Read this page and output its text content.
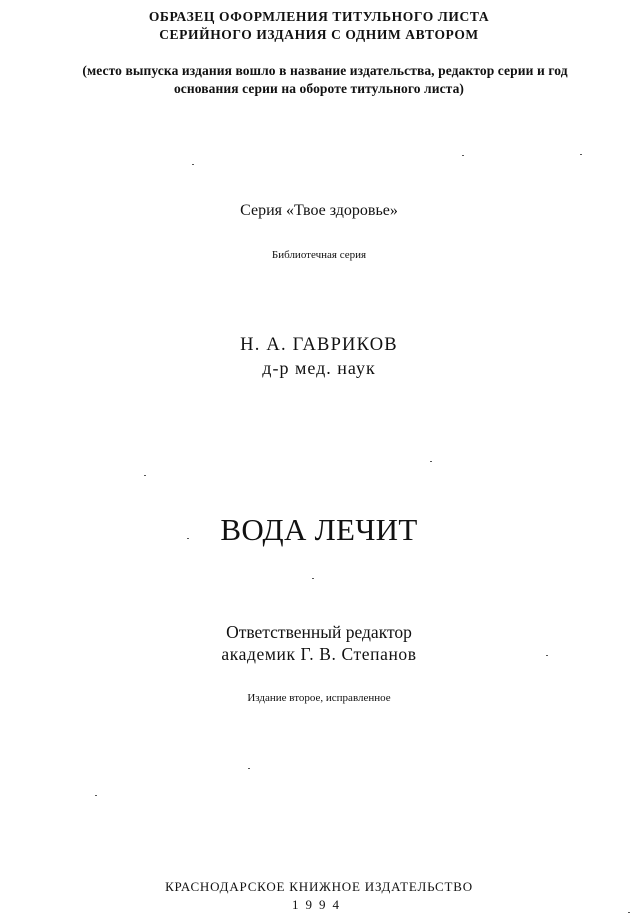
ОБРАЗЕЦ ОФОРМЛЕНИЯ ТИТУЛЬНОГО ЛИСТА
СЕРИЙНОГО ИЗДАНИЯ С ОДНИМ АВТОРОМ
(место выпуска издания вошло в название издательства, редактор серии и год
основания серии на обороте титульного листа)
Серия «Твое здоровье»
Библиотечная серия
Н. А. ГАВРИКОВ
д-р мед. наук
ВОДА ЛЕЧИТ
Ответственный редактор
академик Г. В. Степанов
Издание второе, исправленное
КРАСНОДАРСКОЕ КНИЖНОЕ ИЗДАТЕЛЬСТВО
1994
